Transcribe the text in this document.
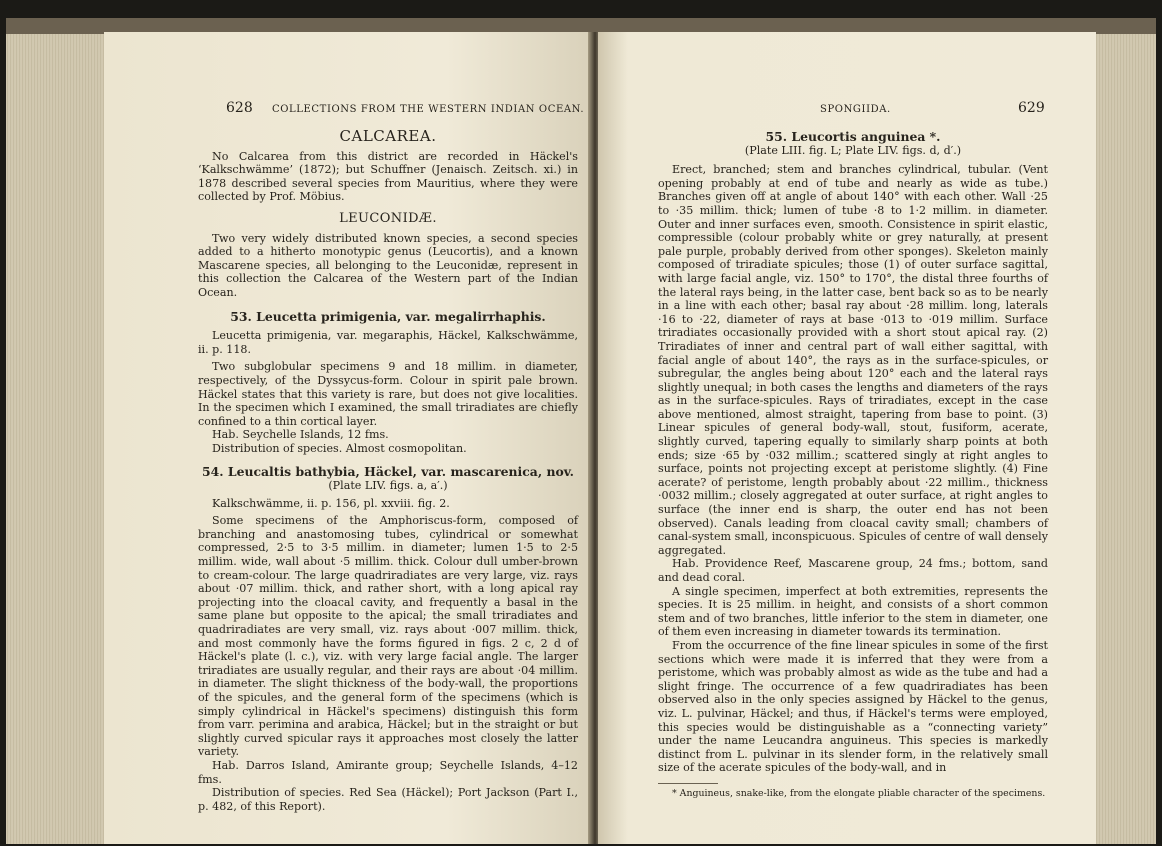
628 COLLECTIONS FROM THE WESTERN INDIAN OCEAN.

CALCAREA.

No Calcarea from this district are recorded in Häckel's ‘Kalkschwämme’ (1872); but Schuffner (Jenaisch. Zeitsch. xi.) in 1878 described several species from Mauritius, where they were collected by Prof. Möbius.

LEUCONIDÆ.

Two very widely distributed known species, a second species added to a hitherto monotypic genus (Leucortis), and a known Mascarene species, all belonging to the Leuconidæ, represent in this collection the Calcarea of the Western part of the Indian Ocean.

53. Leucetta primigenia, var. megalirrhaphis.

Leucetta primigenia, var. megaraphis, Häckel, Kalkschwämme, ii. p. 118.

Two subglobular specimens 9 and 18 millim. in diameter, respectively, of the Dyssycus-form. Colour in spirit pale brown. Häckel states that this variety is rare, but does not give localities. In the specimen which I examined, the small triradiates are chiefly confined to a thin cortical layer.

Hab. Seychelle Islands, 12 fms.

Distribution of species. Almost cosmopolitan.

54. Leucaltis bathybia, Häckel, var. mascarenica, nov.

(Plate LIV. figs. a, a′.)

Kalkschwämme, ii. p. 156, pl. xxviii. fig. 2.

Some specimens of the Amphoriscus-form, composed of branching and anastomosing tubes, cylindrical or somewhat compressed, 2·5 to 3·5 millim. in diameter; lumen 1·5 to 2·5 millim. wide, wall about ·5 millim. thick. Colour dull umber-brown to cream-colour. The large quadriradiates are very large, viz. rays about ·07 millim. thick, and rather short, with a long apical ray projecting into the cloacal cavity, and frequently a basal in the same plane but opposite to the apical; the small triradiates and quadriradiates are very small, viz. rays about ·007 millim. thick, and most commonly have the forms figured in figs. 2 c, 2 d of Häckel's plate (l. c.), viz. with very large facial angle. The larger triradiates are usually regular, and their rays are about ·04 millim. in diameter. The slight thickness of the body-wall, the proportions of the spicules, and the general form of the specimens (which is simply cylindrical in Häckel's specimens) distinguish this form from varr. perimina and arabica, Häckel; but in the straight or but slightly curved spicular rays it approaches most closely the latter variety.

Hab. Darros Island, Amirante group; Seychelle Islands, 4–12 fms.

Distribution of species. Red Sea (Häckel); Port Jackson (Part I., p. 482, of this Report).

SPONGIIDA.	629

55. Leucortis anguinea *.

(Plate LIII. fig. L; Plate LIV. figs. d, d′.)

Erect, branched; stem and branches cylindrical, tubular. (Vent opening probably at end of tube and nearly as wide as tube.) Branches given off at angle of about 140° with each other. Wall ·25 to ·35 millim. thick; lumen of tube ·8 to 1·2 millim. in diameter. Outer and inner surfaces even, smooth. Consistence in spirit elastic, compressible (colour probably white or grey naturally, at present pale purple, probably derived from other sponges). Skeleton mainly composed of triradiate spicules; those (1) of outer surface sagittal, with large facial angle, viz. 150° to 170°, the distal three fourths of the lateral rays being, in the latter case, bent back so as to be nearly in a line with each other; basal ray about ·28 millim. long, laterals ·16 to ·22, diameter of rays at base ·013 to ·019 millim. Surface triradiates occasionally provided with a short stout apical ray. (2) Triradiates of inner and central part of wall either sagittal, with facial angle of about 140°, the rays as in the surface-spicules, or subregular, the angles being about 120° each and the lateral rays slightly unequal; in both cases the lengths and diameters of the rays as in the surface-spicules. Rays of triradiates, except in the case above mentioned, almost straight, tapering from base to point. (3) Linear spicules of general body-wall, stout, fusiform, acerate, slightly curved, tapering equally to similarly sharp points at both ends; size ·65 by ·032 millim.; scattered singly at right angles to surface, points not projecting except at peristome slightly. (4) Fine acerate? of peristome, length probably about ·22 millim., thickness ·0032 millim.; closely aggregated at outer surface, at right angles to surface (the inner end is sharp, the outer end has not been observed). Canals leading from cloacal cavity small; chambers of canal-system small, inconspicuous. Spicules of centre of wall densely aggregated.

Hab. Providence Reef, Mascarene group, 24 fms.; bottom, sand and dead coral.

A single specimen, imperfect at both extremities, represents the species. It is 25 millim. in height, and consists of a short common stem and of two branches, little inferior to the stem in diameter, one of them even increasing in diameter towards its termination.

From the occurrence of the fine linear spicules in some of the first sections which were made it is inferred that they were from a peristome, which was probably almost as wide as the tube and had a slight fringe. The occurrence of a few quadriradiates has been observed also in the only species assigned by Häckel to the genus, viz. L. pulvinar, Häckel; and thus, if Häckel's terms were employed, this species would be distinguishable as a “connecting variety” under the name Leucandra anguineus. This species is markedly distinct from L. pulvinar in its slender form, in the relatively small size of the acerate spicules of the body-wall, and in

* Anguineus, snake-like, from the elongate pliable character of the specimens.
